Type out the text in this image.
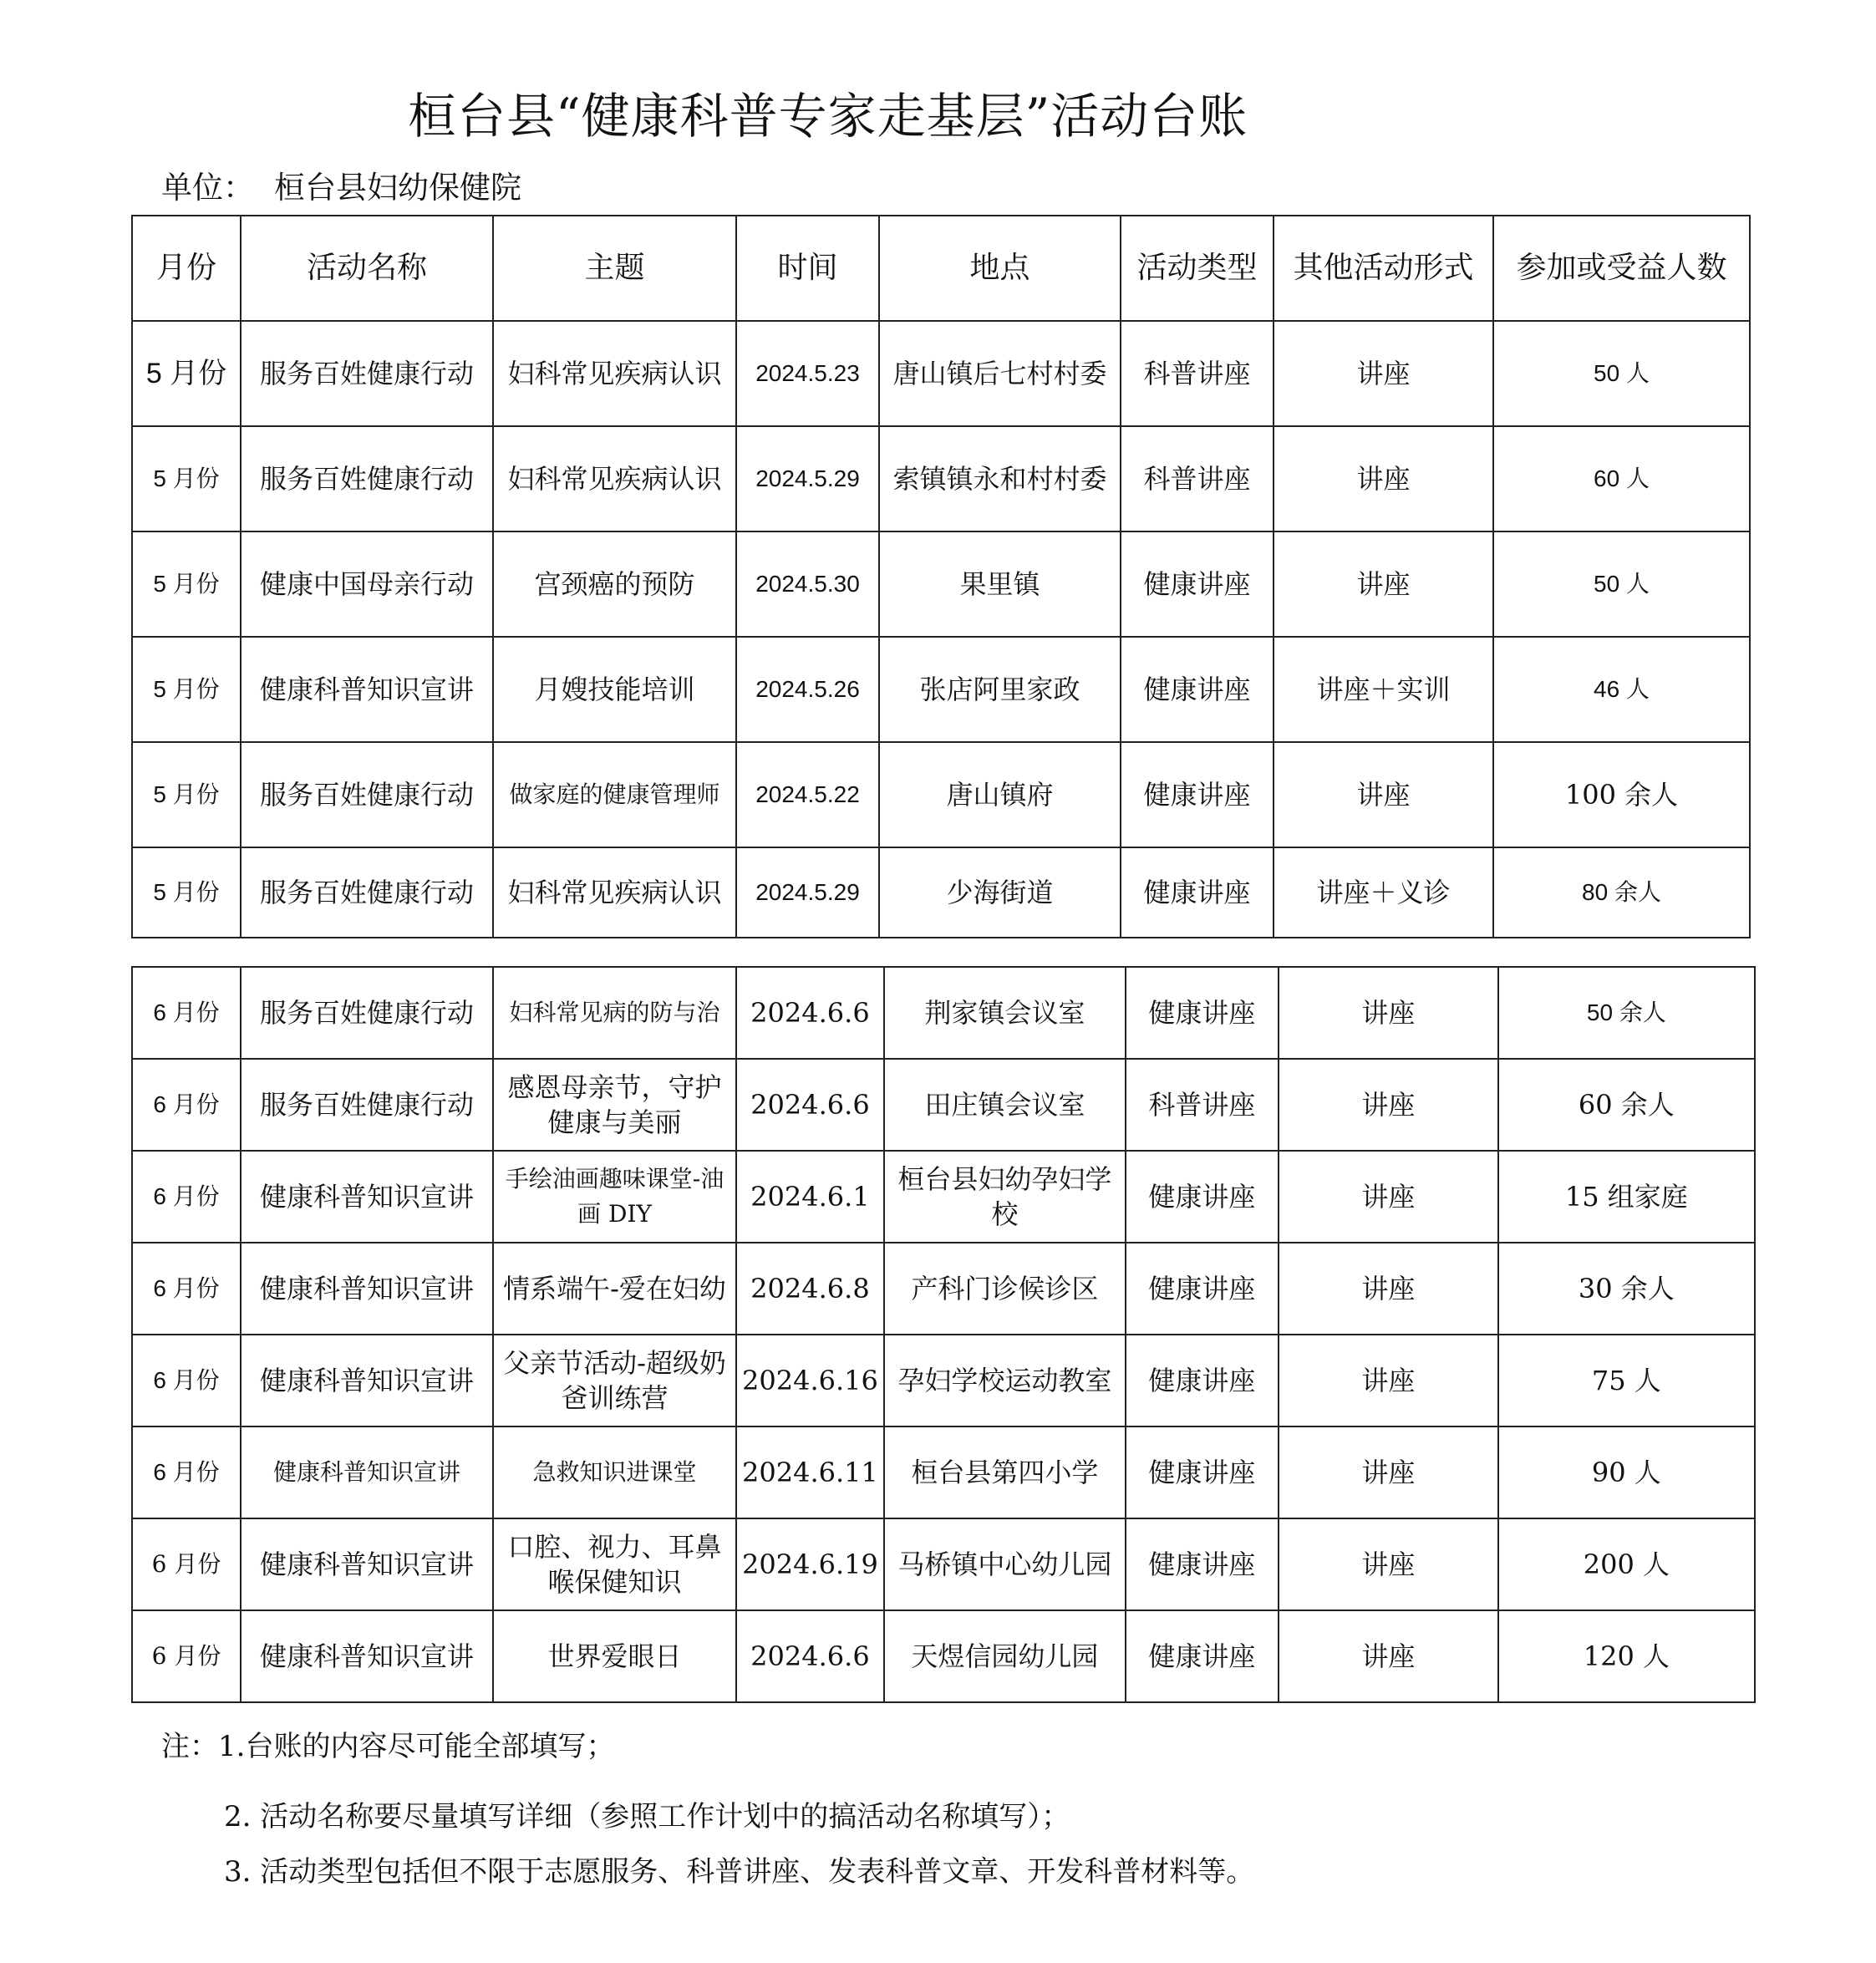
桓台县“健康科普专家走基层”活动台账
单位： 桓台县妇幼保健院
月份	活动名称	主题	时间	地点	活动类型	其他活动形式	参加或受益人数
5 月份	服务百姓健康行动	妇科常见疾病认识	2024.5.23	唐山镇后七村村委	科普讲座	讲座	50 人
5 月份	服务百姓健康行动	妇科常见疾病认识	2024.5.29	索镇镇永和村村委	科普讲座	讲座	60 人
5 月份	健康中国母亲行动	宫颈癌的预防	2024.5.30	果里镇	健康讲座	讲座	50 人
5 月份	健康科普知识宣讲	月嫂技能培训	2024.5.26	张店阿里家政	健康讲座	讲座＋实训	46 人
5 月份	服务百姓健康行动	做家庭的健康管理师	2024.5.22	唐山镇府	健康讲座	讲座	100 余人
5 月份	服务百姓健康行动	妇科常见疾病认识	2024.5.29	少海街道	健康讲座	讲座＋义诊	80 余人
6 月份	服务百姓健康行动	妇科常见病的防与治	2024.6.6	荆家镇会议室	健康讲座	讲座	50 余人
6 月份	服务百姓健康行动	感恩母亲节，守护健康与美丽	2024.6.6	田庄镇会议室	科普讲座	讲座	60 余人
6 月份	健康科普知识宣讲	手绘油画趣味课堂-油画 DIY	2024.6.1	桓台县妇幼孕妇学校	健康讲座	讲座	15 组家庭
6 月份	健康科普知识宣讲	情系端午-爱在妇幼	2024.6.8	产科门诊候诊区	健康讲座	讲座	30 余人
6 月份	健康科普知识宣讲	父亲节活动-超级奶爸训练营	2024.6.16	孕妇学校运动教室	健康讲座	讲座	75 人
6 月份	健康科普知识宣讲	急救知识进课堂	2024.6.11	桓台县第四小学	健康讲座	讲座	90 人
6 月份	健康科普知识宣讲	口腔、视力、耳鼻喉保健知识	2024.6.19	马桥镇中心幼儿园	健康讲座	讲座	200 人
6 月份	健康科普知识宣讲	世界爱眼日	2024.6.6	天煜信园幼儿园	健康讲座	讲座	120 人
注：1.台账的内容尽可能全部填写；
2. 活动名称要尽量填写详细（参照工作计划中的搞活动名称填写）；
3. 活动类型包括但不限于志愿服务、科普讲座、发表科普文章、开发科普材料等。
